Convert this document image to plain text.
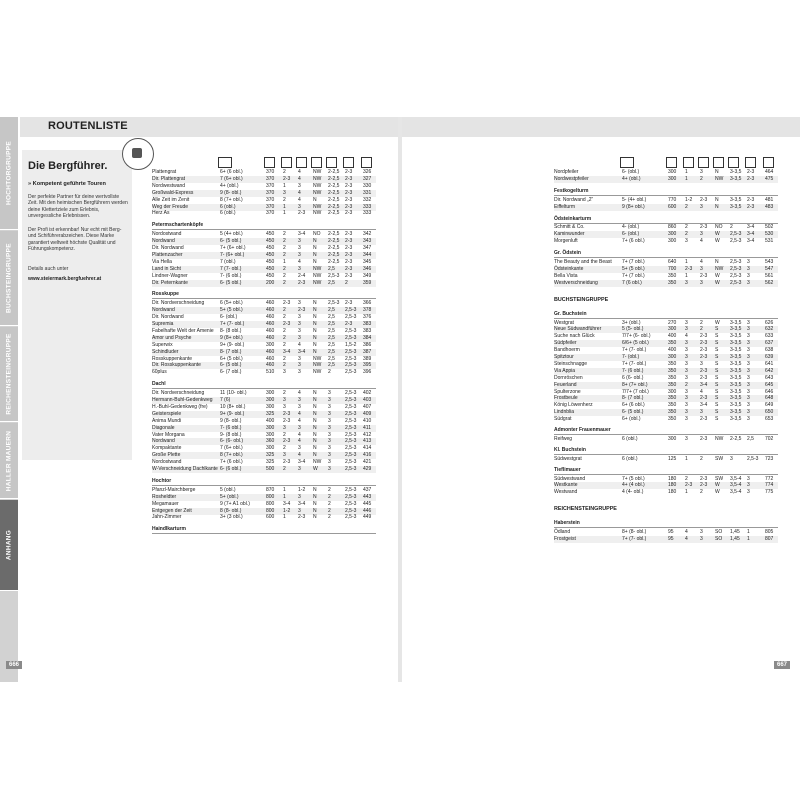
HOCHTORGRUPPE
BUCHSTEINGRUPPE
REICHENSTEINGRUPPE
HALLER MAUERN
ANHANG
ROUTENLISTE
Die Bergführer.
» Kompetent geführte Touren

Der perfekte Partner für deine wertvollste Zeit. Mit den heimischen Bergführern werden deine Klettertziele zum Erlebnis, unvergessliche Erlebnissen.

Der Profi ist erkennbar! Nur echt mit Berg- und Schiführerabzeichen. Diese Marke garantiert weltweit höchste Qualität und Führungskompetenz.

Details auch unter

www.steiermark.bergfuehrer.at
Plattengrat	6+ (6 obl.)	370 2 4 NW 2-2,5 2-3 326
Dir. Plattengrat	7 (6+ obl.)	370 2-3 4 NW 2-2,5 2-3 327
Nordwestwand	4+ (obl.)	370 1 3 NW 2-2,5 2-3 330
Großwald-Express	9 (8- obl.)	370 3 4 NW 2-2,5 2-3 331
Alle Zeit im Zenit	8 (7+ obl.)	370 2 4 N 2-2,5 2-3 332
Weg der Freude	6 (obl.)	370 1 3 NW 2-2,5 2-3 333
Herz As	6 (obl.)	370 1 2-3 NW 2-2,5 2-3 333
Petermschartenköpfe
Nordostwand	5 (4+ obl.)	450 2 3-4 NO 2-2,5 2-3 342
Nordwand	6- (5 obl.)	450 2 3 N 2-2,5 2-3 343
Dir. Nordwand	7+ (6+ obl.)	450 2 3 N 2-2,5 2-3 347
Plattenzacher	7- (6+ obl.)	450 2 3 N 2-2,5 2-3 344
Via Hella	7 (obl.)	450 1 4 N 2-2,5 2-3 345
Land in Sicht	7 (7- obl.)	450 2 3 NW 2,5 2-3 346
Lindner-Wagner	7- (6 obl.)	450 2 2-4 NW 2,5-3 2-3 349
Dir. Peternkante	6- (5 obl.)	200 2 2-3 NW 2,5 2	359
Rosskuppe
Dir. Nordverschneidung	6 (5+ obl.)	460 2-3 3 N 2,5-3 2-3 366
Nordwand	5+ (5 obl.)	460 2 2-3 N 2,5 2,5-3 378
Dir. Nordwand	6- (obl.)	460 2 3 N 2,5 2,5-3 376
Supremia	7+ (7- obl.)	460 2-3 3 N 2,5 2-3 383
Fabelhafte Welt der Amenie 8- (8 obl.)	460 2 3 N 2,5 2,5-3 383
Amor und Psyche	9 (8+ obl.)	460 2 3 N 2,5 2,5-3 384
Superwix	9+ (9- obl.)	300 2 4 N 2,5 1,5-2 386
Schindluder	8- (7 obl.)	460 3-4 3-4 N 2,5 2,5-3 387
Rosskuppenkante	6+ (5 obl.)	460 2 3 NW 2,5 2,5-3 389
Dir. Rosskuppenkante	6- (5 obl.)	460 2 3 NW 2,5 2,5-3 395
60plus	6- (7 obl.)	510 3 3 NW 2	2,5-3 396
Dachl
Dir. Nordverschneidung	11 (10- obl.)	300 2 4 N 3	2,5-3 402
Hermann-Buhl-Gedenkweg 7 (6)	300 3 3 N 3	2,5-3 403
H.-Buhl-Gedenkweg (fre) 10 (8+ obl.)	300 3 3 N 3	2,5-3 407
Geisterspiele	9+ (9- obl.)	325 2-3 4 N 3	2,5-3 409
Anima Mundi	9 (8- obl.)	400 2-3 4 N 3	2,5-3 410
Diagonale	7- (6 obl.)	300 3 3 N 3	2,5-3 411
Vater Morgana	9- (8 obl.)	300 2 4 N 3	2,5-3 412
Nordwand	6- (6- obl.)	360 2-3 4 N 3	2,5-3 413
Kompaktante	7 (6+ obl.)	300 2 3 N 3	2,5-3 414
Große Plette	8 (7+ obl.)	325 3 4 N 3	2,5-3 416
Nordostwand	7+ (6 obl.)	325 2-3 3-4 NW 3	2,5-3 421
W-Verschneidung Dachlkante 6- (6 obl.)	500 2 3 W 3	2,5-3 429
Hochtor
Pfanzl-Mairchberge	5 (obl.)	870 1 1-2 N 2	2,5-3 437
Rosheldter	5+ (obl.)	800 1 3 N 2	2,5-3 443
Megamauer	9 (7+ A1 obl.)	800 3-4 3-4 N 2	2,5-3 445
Entgegen der Zeit	8 (8- obl.)	800 1-2 3 N 2	2,5-3 446
Jahn-Zimmer	3+ (3 obl.)	600 1 2-3 N 2	2,5-3 449
Haindlkarturm
666
Nordpfeiler	6- (obl.)	300 1 3 N 3-3,5 2-3 464
Nordwestpfeiler	4+ (obl.)	300 1 2 NW 3-3,5 2-3 475
Festkogelturm
Dir. Nordwand „2“	5- (4+ obl.)	770 1-2 2-3 N 3-3,5 2-3 481
Eiffelturm	9 (8+ obl.)	600 2 3 N 3-3,5 2-3 483
Ödsteinkarturm
Schmitt & Co.	4- (obl.)	860 2 2-3 NO 2	3-4 502
Kaminwunder	6- (obl.)	300 2 3 W 2,5-3 3-4 530
Morgenluft	7+ (6 obl.)	300 3 4 W 2,5-3 3-4 531
Gr. Ödstein
The Beauty and the Beast 7+ (7 obl.)	640 1 4 N 2,5-3 3	543
Ödsteinkante	5+ (5 obl.)	700 2-3 3 NW 2,5-3 3	547
Bella Vista	7+ (7 obl.)	350 1 2-3 W 2,5-3 3	561
Westverschneidung	7 (6 obl.)	350 3 3 W 2,5-3 3	562
BUCHSTEINGRUPPE
Gr. Buchstein
Westgrat	3+ (obl.)	270 3 2 W 3-3,5 3	626
Neue Südwandführer	5 (5- obl.)	300 3 2 S 3-3,5 3	632
Suche nach Glück	7/7+ (6- obl.)	400 4 2-3 S 3-3,5 3	633
Südpfeiler	6/6+ (5 obl.)	350 3 2-3 S 3-3,5 3	637
Bandhoerm	7+ (7- obl.)	400 3 2-3 S 3-3,5 3	638
Spitztour	7- (obl.)	300 3 2-3 S 3-3,5 3	639
Steinschnagge	7+ (7- obl.)	350 3 3 S 3-3,5 3	641
Via Appia	7- (6 obl.)	350 3 2-3 S 3-3,5 3	642
Dornröschen	6 (6- obl.)	350 3 2-3 S 3-3,5 3	643
Feuerland	8+ (7+ obl.)	350 2 3-4 S 3-3,5 3	645
Spulterzone	7/7+ (7 obl.)	300 3 4 S 3-3,5 3	646
Frostbeule	8- (7 obl.)	350 3 2-3 S 3-3,5 3	648
König Löwenherz	6+ (6 obl.)	350 3 3-4 S 3-3,5 3	649
Lindnblia	6- (5 obl.)	350 3 3 S 3-3,5 3	650
Südgrat	6+ (obl.)	350 3 2-3 S 3-3,5 3	653
Admonter Frauenmauer
Reifweg	6 (obl.)	300 3 2-3 NW 2-2,5 2,5 702
Kl. Buchstein
Südwestgrat	6 (obl.)	125 1 2 SW 3	2,5-3 723
Tieflimauer
Südwestwand	7+ (5 obl.)	180 2 2-3 SW 3,5-4 3	772
Westkante	4+ (4 obl.)	180 2-3 2-3 W 3,5-4 3	774
Westwand	4 (4- obl.)	180 1 2 W 3,5-4 3	775
REICHENSTEINGRUPPE
Haberstein
Ödland	8+ (8- obl.)	95 4 3 SO 1,45 1	805
Frostgeist	7+ (7- obl.)	95 4 3 SO 1,45 1	807
667
